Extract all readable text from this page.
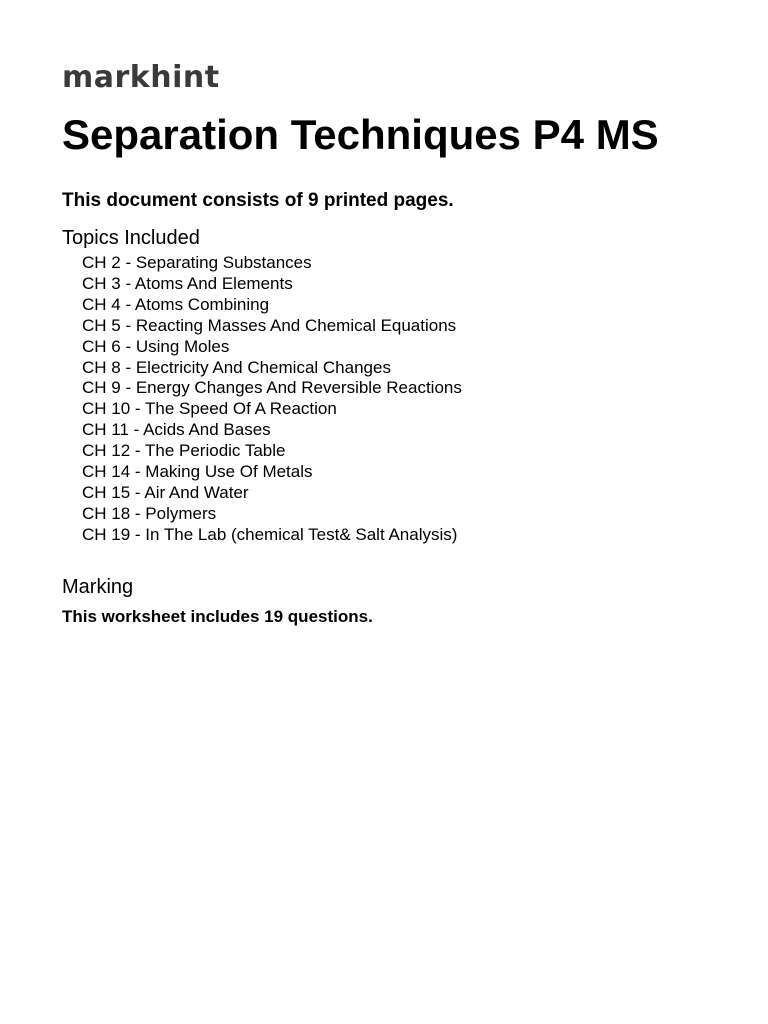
markhint
Separation Techniques P4 MS

This document consists of 9 printed pages.

Topics Included
CH 2 - Separating Substances
CH 3 - Atoms And Elements
CH 4 - Atoms Combining
CH 5 - Reacting Masses And Chemical Equations
CH 6 - Using Moles
CH 8 - Electricity And Chemical Changes
CH 9 - Energy Changes And Reversible Reactions
CH 10 - The Speed Of A Reaction
CH 11 - Acids And Bases
CH 12 - The Periodic Table
CH 14 - Making Use Of Metals
CH 15 - Air And Water
CH 18 - Polymers
CH 19 - In The Lab (chemical Test& Salt Analysis)
Marking

This worksheet includes 19 questions.
